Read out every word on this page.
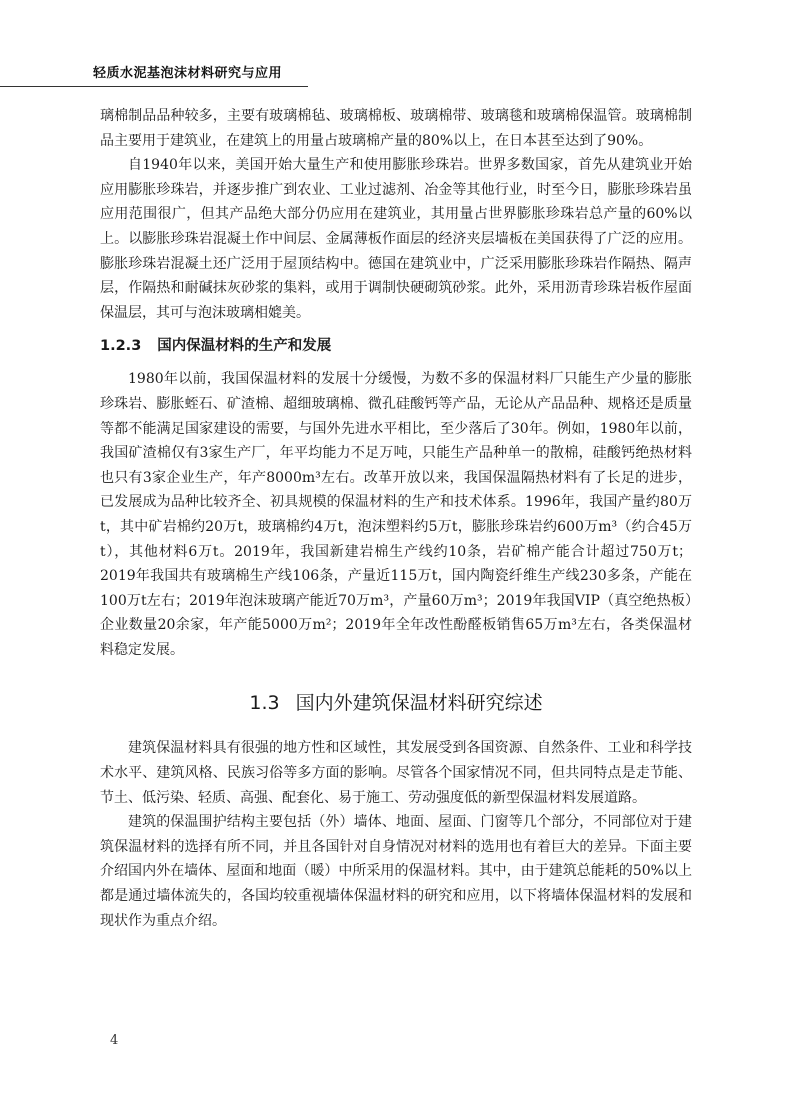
轻质水泥基泡沫材料研究与应用

璃棉制品品种较多，主要有玻璃棉毡、玻璃棉板、玻璃棉带、玻璃毯和玻璃棉保温管。玻璃棉制品主要用于建筑业，在建筑上的用量占玻璃棉产量的80%以上，在日本甚至达到了90%。

自1940年以来，美国开始大量生产和使用膨胀珍珠岩。世界多数国家，首先从建筑业开始应用膨胀珍珠岩，并逐步推广到农业、工业过滤剂、冶金等其他行业，时至今日，膨胀珍珠岩虽应用范围很广，但其产品绝大部分仍应用在建筑业，其用量占世界膨胀珍珠岩总产量的60%以上。以膨胀珍珠岩混凝土作中间层、金属薄板作面层的经济夹层墙板在美国获得了广泛的应用。膨胀珍珠岩混凝土还广泛用于屋顶结构中。德国在建筑业中，广泛采用膨胀珍珠岩作隔热、隔声层，作隔热和耐碱抹灰砂浆的集料，或用于调制快硬砌筑砂浆。此外，采用沥青珍珠岩板作屋面保温层，其可与泡沫玻璃相媲美。

1.2.3 国内保温材料的生产和发展

1980年以前，我国保温材料的发展十分缓慢，为数不多的保温材料厂只能生产少量的膨胀珍珠岩、膨胀蛭石、矿渣棉、超细玻璃棉、微孔硅酸钙等产品，无论从产品品种、规格还是质量等都不能满足国家建设的需要，与国外先进水平相比，至少落后了30年。例如，1980年以前，我国矿渣棉仅有3家生产厂，年平均能力不足万吨，只能生产品种单一的散棉，硅酸钙绝热材料也只有3家企业生产，年产8000m³左右。改革开放以来，我国保温隔热材料有了长足的进步，已发展成为品种比较齐全、初具规模的保温材料的生产和技术体系。1996年，我国产量约80万t，其中矿岩棉约20万t，玻璃棉约4万t，泡沫塑料约5万t，膨胀珍珠岩约600万m³（约合45万t），其他材料6万t。2019年，我国新建岩棉生产线约10条，岩矿棉产能合计超过750万t；2019年我国共有玻璃棉生产线106条，产量近115万t，国内陶瓷纤维生产线230多条，产能在100万t左右；2019年泡沫玻璃产能近70万m³，产量60万m³；2019年我国VIP（真空绝热板）企业数量20余家，年产能5000万m²；2019年全年改性酚醛板销售65万m³左右，各类保温材料稳定发展。

1.3 国内外建筑保温材料研究综述

建筑保温材料具有很强的地方性和区域性，其发展受到各国资源、自然条件、工业和科学技术水平、建筑风格、民族习俗等多方面的影响。尽管各个国家情况不同，但共同特点是走节能、节土、低污染、轻质、高强、配套化、易于施工、劳动强度低的新型保温材料发展道路。

建筑的保温围护结构主要包括（外）墙体、地面、屋面、门窗等几个部分，不同部位对于建筑保温材料的选择有所不同，并且各国针对自身情况对材料的选用也有着巨大的差异。下面主要介绍国内外在墙体、屋面和地面（暖）中所采用的保温材料。其中，由于建筑总能耗的50%以上都是通过墙体流失的，各国均较重视墙体保温材料的研究和应用，以下将墙体保温材料的发展和现状作为重点介绍。

4
